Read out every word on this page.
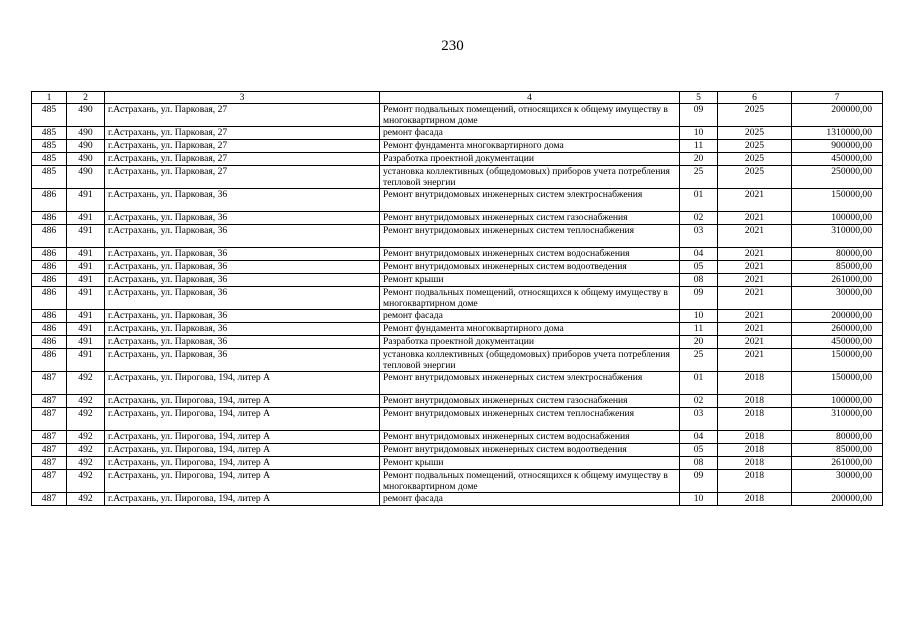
230
1	2	3	4	5	6	7
485	490	г.Астрахань, ул. Парковая, 27	Ремонт подвальных помещений, относящихся к общему имуществу в многоквартирном доме	09	2025	200000,00
485	490	г.Астрахань, ул. Парковая, 27	ремонт фасада	10	2025	1310000,00
485	490	г.Астрахань, ул. Парковая, 27	Ремонт фундамента многоквартирного дома	11	2025	900000,00
485	490	г.Астрахань, ул. Парковая, 27	Разработка проектной документации	20	2025	450000,00
485	490	г.Астрахань, ул. Парковая, 27	установка коллективных (общедомовых) приборов учета потребления тепловой энергии	25	2025	250000,00
486	491	г.Астрахань, ул. Парковая, 36	Ремонт внутридомовых инженерных систем электроснабжения	01	2021	150000,00
486	491	г.Астрахань, ул. Парковая, 36	Ремонт внутридомовых инженерных систем газоснабжения	02	2021	100000,00
486	491	г.Астрахань, ул. Парковая, 36	Ремонт внутридомовых инженерных систем теплоснабжения	03	2021	310000,00
486	491	г.Астрахань, ул. Парковая, 36	Ремонт внутридомовых инженерных систем водоснабжения	04	2021	80000,00
486	491	г.Астрахань, ул. Парковая, 36	Ремонт внутридомовых инженерных систем водоотведения	05	2021	85000,00
486	491	г.Астрахань, ул. Парковая, 36	Ремонт крыши	08	2021	261000,00
486	491	г.Астрахань, ул. Парковая, 36	Ремонт подвальных помещений, относящихся к общему имуществу в многоквартирном доме	09	2021	30000,00
486	491	г.Астрахань, ул. Парковая, 36	ремонт фасада	10	2021	200000,00
486	491	г.Астрахань, ул. Парковая, 36	Ремонт фундамента многоквартирного дома	11	2021	260000,00
486	491	г.Астрахань, ул. Парковая, 36	Разработка проектной документации	20	2021	450000,00
486	491	г.Астрахань, ул. Парковая, 36	установка коллективных (общедомовых) приборов учета потребления тепловой энергии	25	2021	150000,00
487	492	г.Астрахань, ул. Пирогова, 194, литер А	Ремонт внутридомовых инженерных систем электроснабжения	01	2018	150000,00
487	492	г.Астрахань, ул. Пирогова, 194, литер А	Ремонт внутридомовых инженерных систем газоснабжения	02	2018	100000,00
487	492	г.Астрахань, ул. Пирогова, 194, литер А	Ремонт внутридомовых инженерных систем теплоснабжения	03	2018	310000,00
487	492	г.Астрахань, ул. Пирогова, 194, литер А	Ремонт внутридомовых инженерных систем водоснабжения	04	2018	80000,00
487	492	г.Астрахань, ул. Пирогова, 194, литер А	Ремонт внутридомовых инженерных систем водоотведения	05	2018	85000,00
487	492	г.Астрахань, ул. Пирогова, 194, литер А	Ремонт крыши	08	2018	261000,00
487	492	г.Астрахань, ул. Пирогова, 194, литер А	Ремонт подвальных помещений, относящихся к общему имуществу в многоквартирном доме	09	2018	30000,00
487	492	г.Астрахань, ул. Пирогова, 194, литер А	ремонт фасада	10	2018	200000,00
